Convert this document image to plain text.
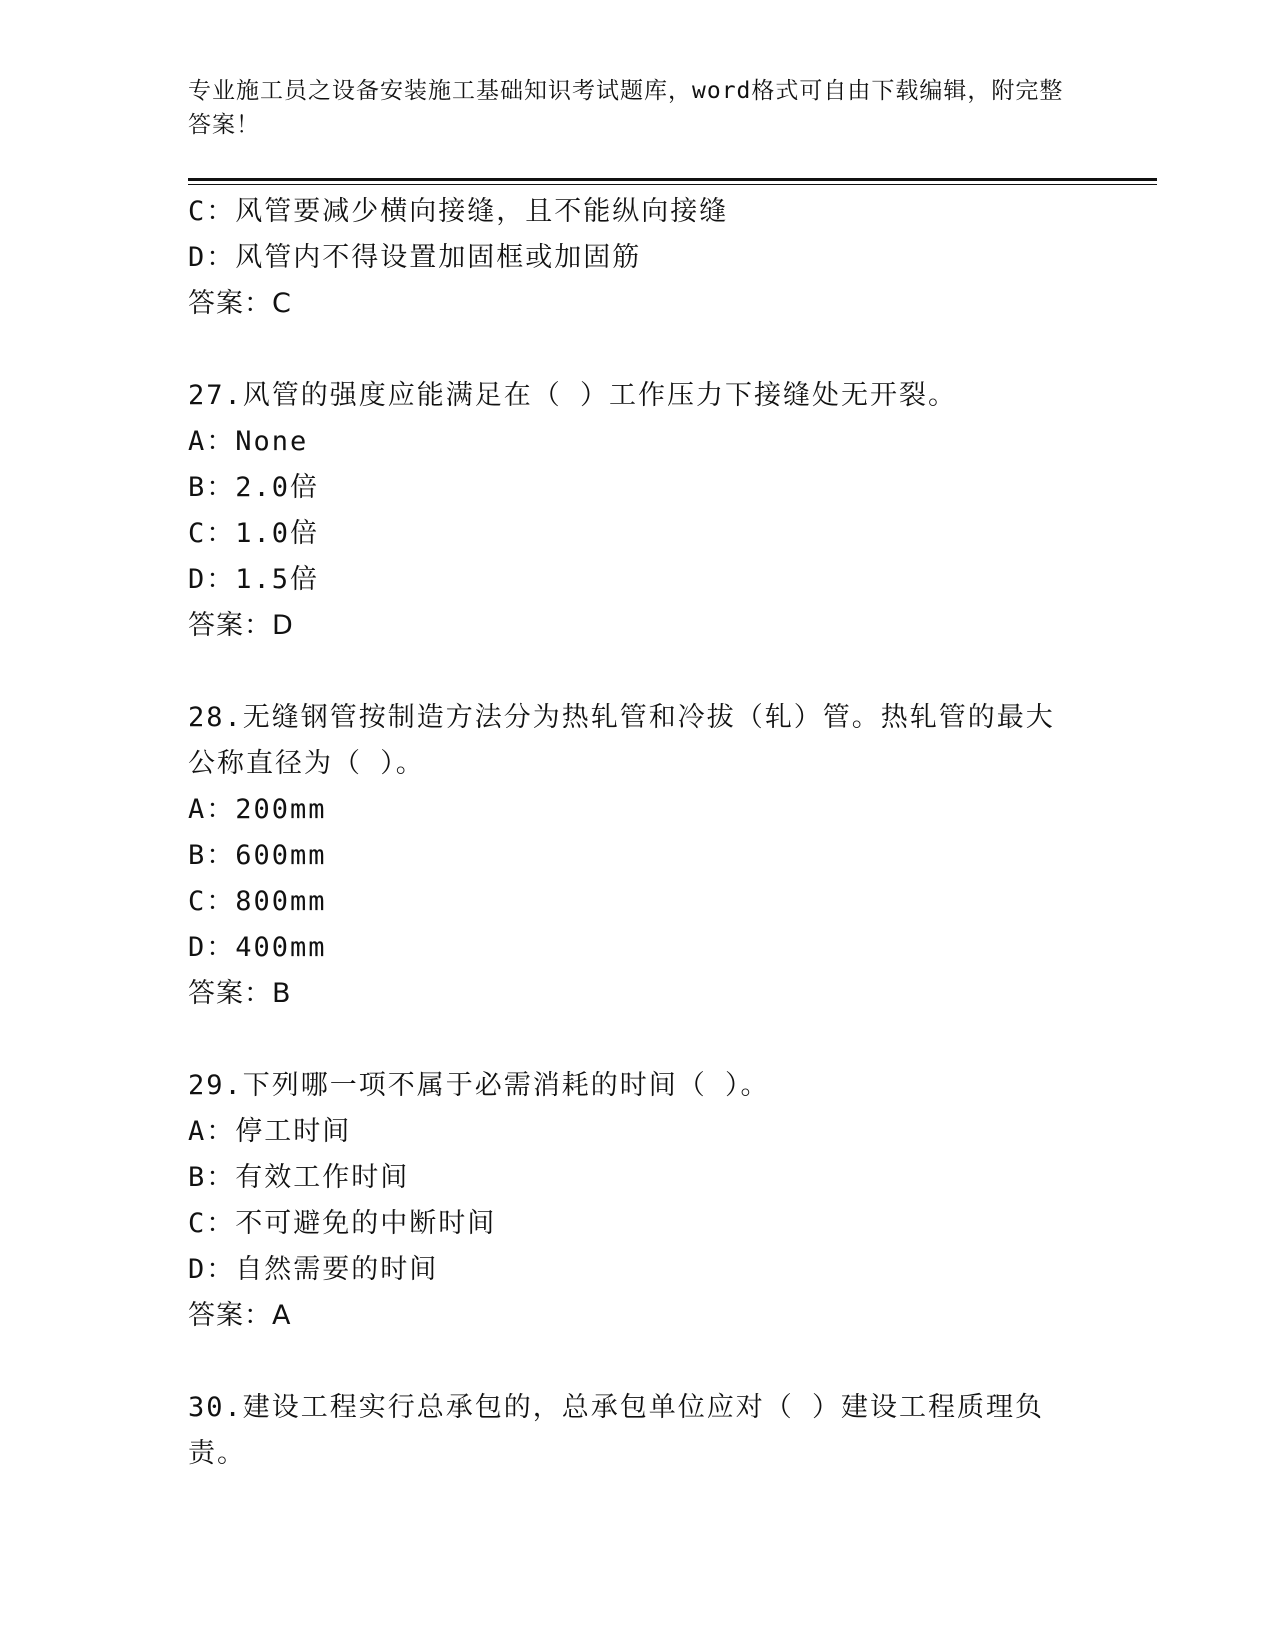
专业施工员之设备安装施工基础知识考试题库，word格式可自由下载编辑，附完整答案！
C：风管要减少横向接缝，且不能纵向接缝
D：风管内不得设置加固框或加固筋
答案：C
27.风管的强度应能满足在（ ）工作压力下接缝处无开裂。
A：None
B：2.0倍
C：1.0倍
D：1.5倍
答案：D
28.无缝钢管按制造方法分为热轧管和冷拔（轧）管。热轧管的最大公称直径为（ ）。
A：200mm
B：600mm
C：800mm
D：400mm
答案：B
29.下列哪一项不属于必需消耗的时间（ ）。
A：停工时间
B：有效工作时间
C：不可避免的中断时间
D：自然需要的时间
答案：A
30.建设工程实行总承包的，总承包单位应对（ ）建设工程质理负责。
